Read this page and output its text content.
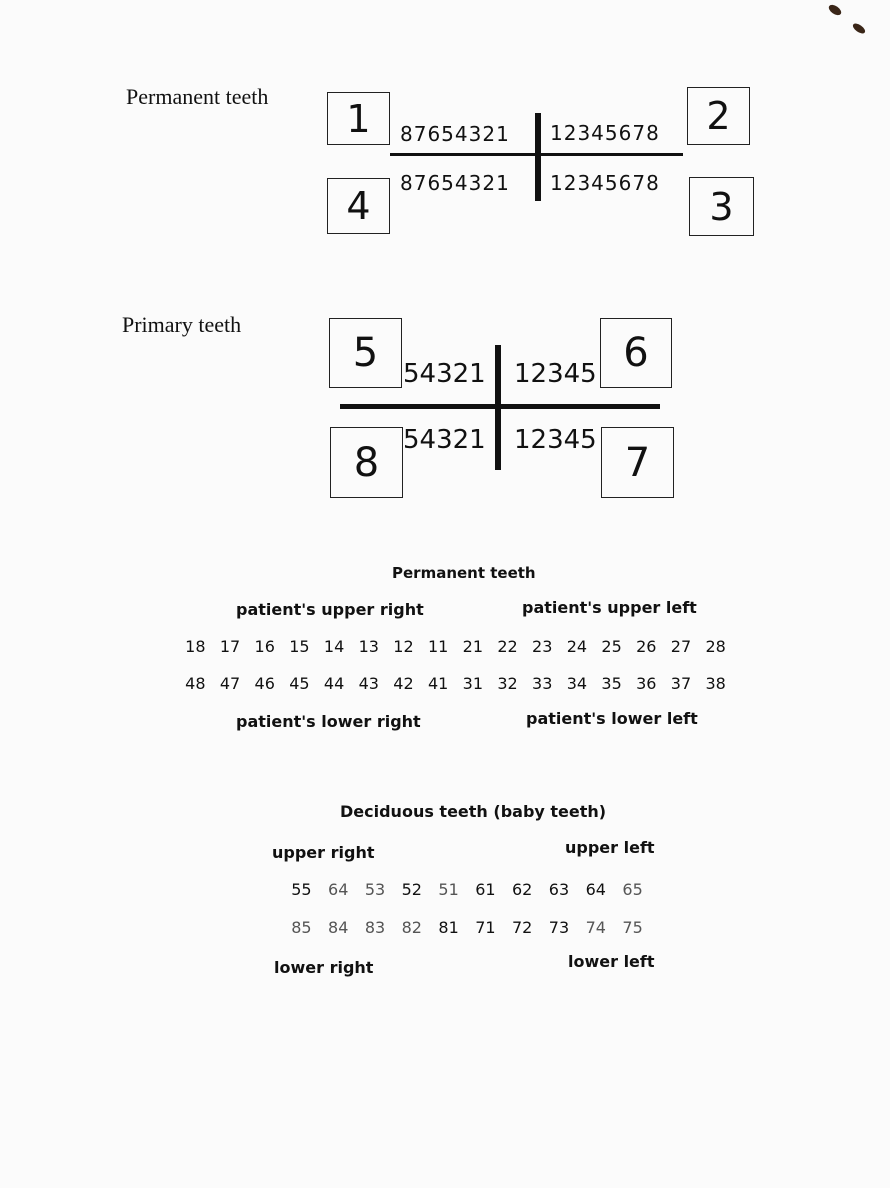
Permanent teeth	1	2
4	3
87654321 12345678
87654321 12345678
Primary teeth
5	6
8	7
54321 12345
54321 12345
Permanent teeth
patient's upper right	patient's upper left
18 17 16 15 14 13 12 11 21 22 23 24 25 26 27 28
48 47 46 45 44 43 42 41 31 32 33 34 35 36 37 38
patient's lower right	patient's lower left
Deciduous teeth (baby teeth)
upper right	upper left
55	64	53	52	51	61	62	63	64	65
85	84	83	82	81	71	72	73	74	75
lower right	lower left
